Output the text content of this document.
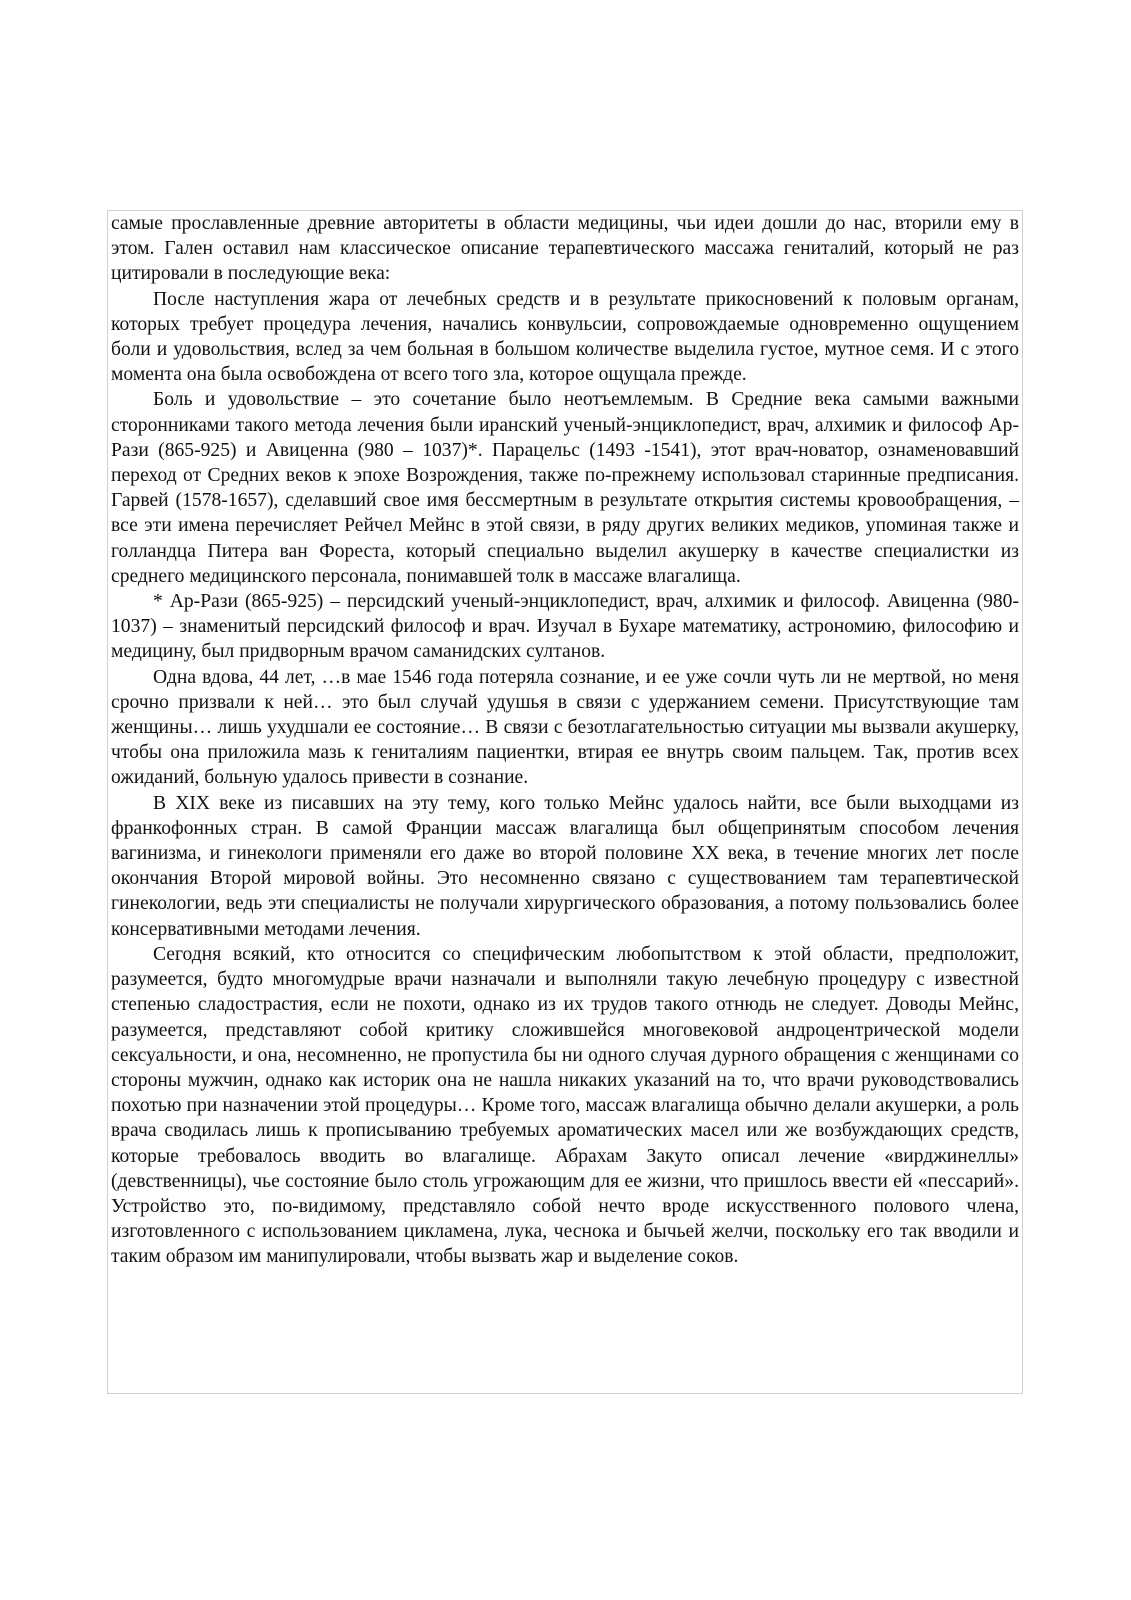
самые прославленные древние авторитеты в области медицины, чьи идеи дошли до нас, вторили ему в этом. Гален оставил нам классическое описание терапевтического массажа гениталий, который не раз цитировали в последующие века:

После наступления жара от лечебных средств и в результате прикосновений к половым органам, которых требует процедура лечения, начались конвульсии, сопровождаемые одновременно ощущением боли и удовольствия, вслед за чем больная в большом количестве выделила густое, мутное семя. И с этого момента она была освобождена от всего того зла, которое ощущала прежде.

Боль и удовольствие – это сочетание было неотъемлемым. В Средние века самыми важными сторонниками такого метода лечения были иранский ученый-энциклопедист, врач, алхимик и философ Ар-Рази (865-925) и Авиценна (980 – 1037)*. Парацельс (1493 -1541), этот врач-новатор, ознаменовавший переход от Средних веков к эпохе Возрождения, также по-прежнему использовал старинные предписания. Гарвей (1578-1657), сделавший свое имя бессмертным в результате открытия системы кровообращения, – все эти имена перечисляет Рейчел Мейнс в этой связи, в ряду других великих медиков, упоминая также и голландца Питера ван Фореста, который специально выделил акушерку в качестве специалистки из среднего медицинского персонала, понимавшей толк в массаже влагалища.

* Ар-Рази (865-925) – персидский ученый-энциклопедист, врач, алхимик и философ. Авиценна (980-1037) – знаменитый персидский философ и врач. Изучал в Бухаре математику, астрономию, философию и медицину, был придворным врачом саманидских султанов.

Одна вдова, 44 лет, …в мае 1546 года потеряла сознание, и ее уже сочли чуть ли не мертвой, но меня срочно призвали к ней… это был случай удушья в связи с удержанием семени. Присутствующие там женщины… лишь ухудшали ее состояние… В связи с безотлагательностью ситуации мы вызвали акушерку, чтобы она приложила мазь к гениталиям пациентки, втирая ее внутрь своим пальцем. Так, против всех ожиданий, больную удалось привести в сознание.

В XIX веке из писавших на эту тему, кого только Мейнс удалось найти, все были выходцами из франкофонных стран. В самой Франции массаж влагалища был общепринятым способом лечения вагинизма, и гинекологи применяли его даже во второй половине XX века, в течение многих лет после окончания Второй мировой войны. Это несомненно связано с существованием там терапевтической гинекологии, ведь эти специалисты не получали хирургического образования, а потому пользовались более консервативными методами лечения.

Сегодня всякий, кто относится со специфическим любопытством к этой области, предположит, разумеется, будто многомудрые врачи назначали и выполняли такую лечебную процедуру с известной степенью сладострастия, если не похоти, однако из их трудов такого отнюдь не следует. Доводы Мейнс, разумеется, представляют собой критику сложившейся многовековой андроцентрической модели сексуальности, и она, несомненно, не пропустила бы ни одного случая дурного обращения с женщинами со стороны мужчин, однако как историк она не нашла никаких указаний на то, что врачи руководствовались похотью при назначении этой процедуры… Кроме того, массаж влагалища обычно делали акушерки, а роль врача сводилась лишь к прописыванию требуемых ароматических масел или же возбуждающих средств, которые требовалось вводить во влагалище. Абрахам Закуто описал лечение «вирджинеллы» (девственницы), чье состояние было столь угрожающим для ее жизни, что пришлось ввести ей «пессарий». Устройство это, по-видимому, представляло собой нечто вроде искусственного полового члена, изготовленного с использованием цикламена, лука, чеснока и бычьей желчи, поскольку его так вводили и таким образом им манипулировали, чтобы вызвать жар и выделение соков.
